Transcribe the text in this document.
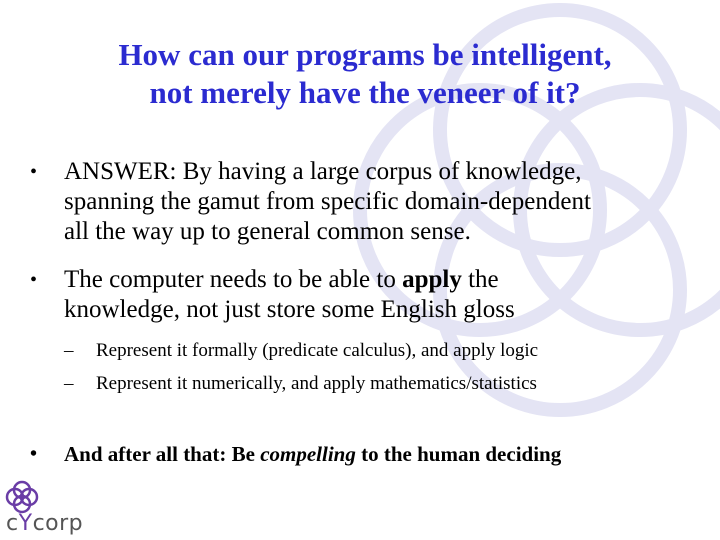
How can our programs be intelligent,
not merely have the veneer of it?
• ANSWER: By having a large corpus of knowledge,
spanning the gamut from specific domain-dependent
all the way up to general common sense.
• The computer needs to be able to apply the
knowledge, not just store some English gloss
– Represent it formally (predicate calculus), and apply logic
– Represent it numerically, and apply mathematics/statistics
• And after all that: Be compelling to the human deciding
cYcorp
